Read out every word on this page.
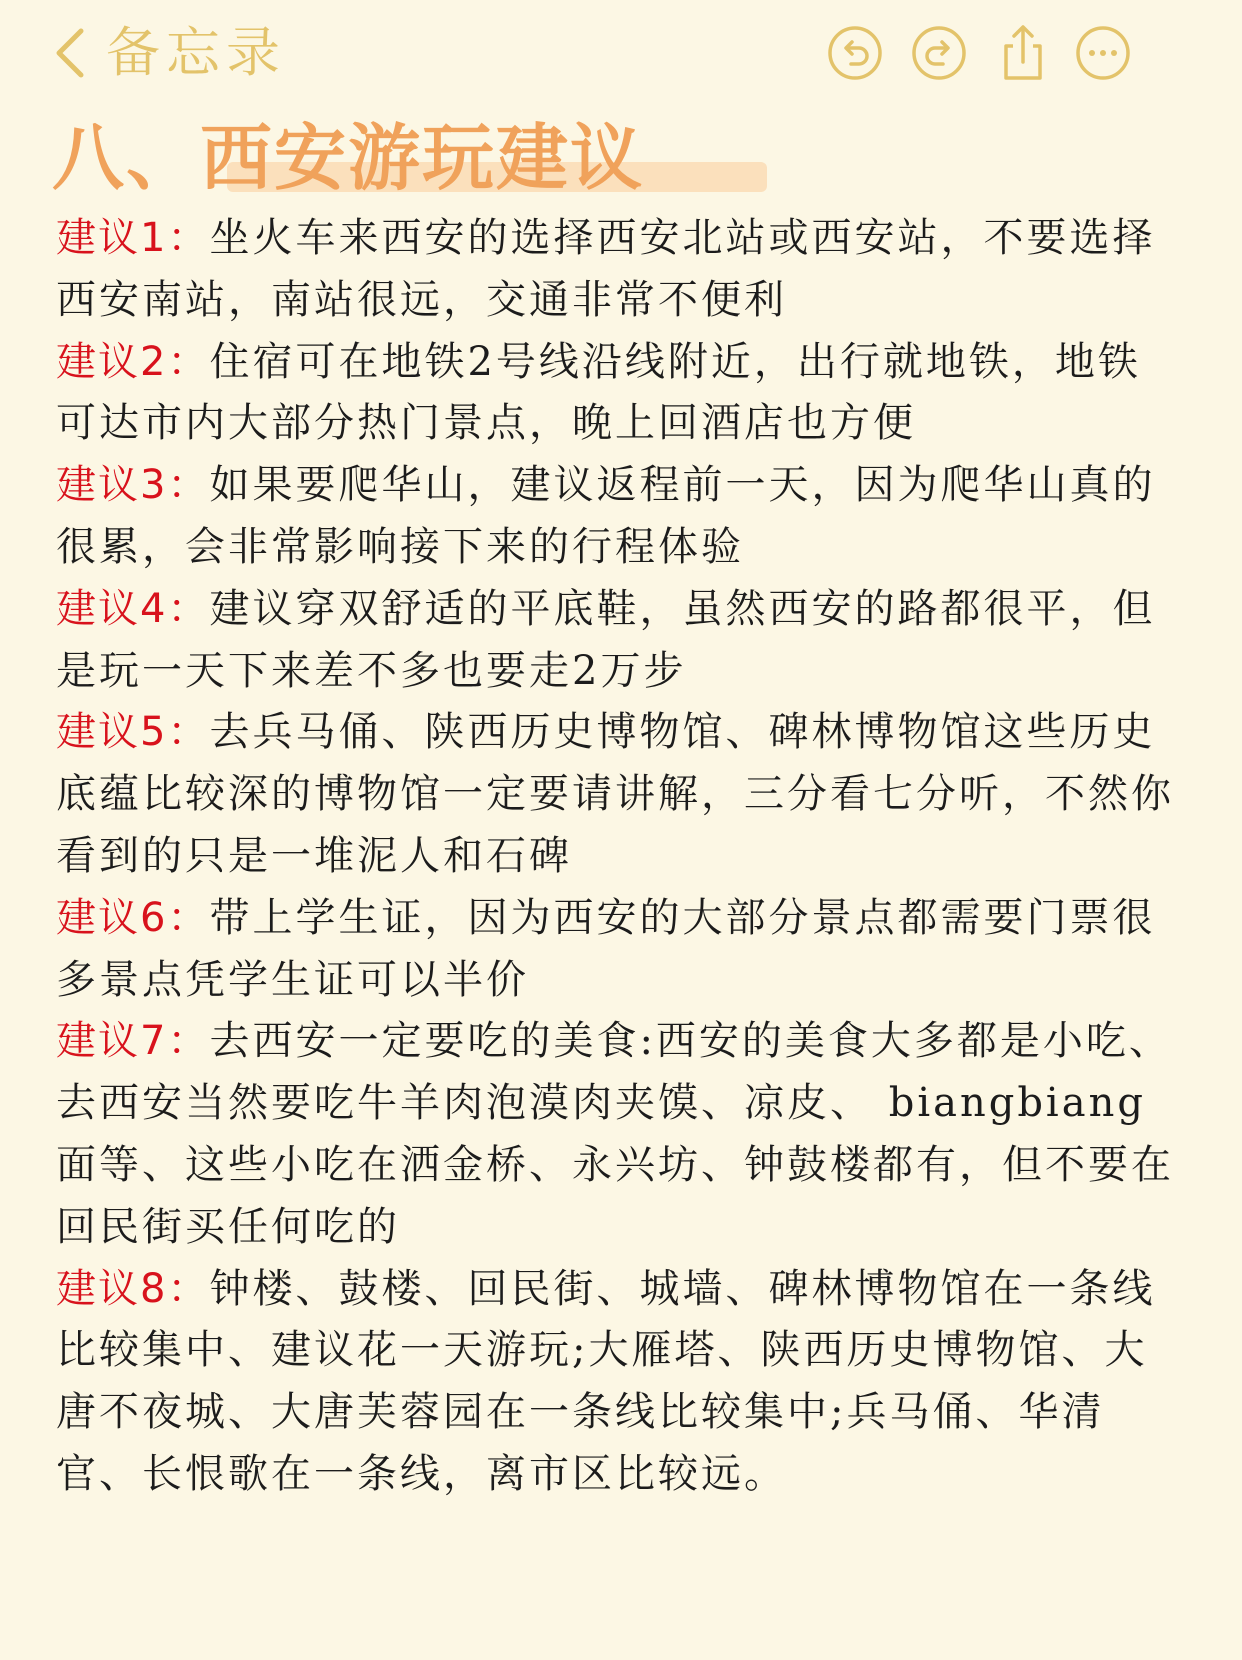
备忘录
八、西安游玩建议

建议1：坐火车来西安的选择西安北站或西安站，不要选择西安南站，南站很远，交通非常不便利

建议2：住宿可在地铁2号线沿线附近，出行就地铁，地铁可达市内大部分热门景点，晚上回酒店也方便

建议3：如果要爬华山，建议返程前一天，因为爬华山真的很累，会非常影响接下来的行程体验

建议4：建议穿双舒适的平底鞋，虽然西安的路都很平，但是玩一天下来差不多也要走2万步

建议5：去兵马俑、陕西历史博物馆、碑林博物馆这些历史底蕴比较深的博物馆一定要请讲解，三分看七分听，不然你看到的只是一堆泥人和石碑

建议6：带上学生证，因为西安的大部分景点都需要门票很多景点凭学生证可以半价

建议7：去西安一定要吃的美食:西安的美食大多都是小吃、去西安当然要吃牛羊肉泡漠肉夹馍、凉皮、 biangbiang 面等、这些小吃在洒金桥、永兴坊、钟鼓楼都有，但不要在回民街买任何吃的

建议8：钟楼、鼓楼、回民街、城墙、碑林博物馆在一条线比较集中、建议花一天游玩;大雁塔、陕西历史博物馆、大唐不夜城、大唐芙蓉园在一条线比较集中;兵马俑、华清官、长恨歌在一条线，离市区比较远。
